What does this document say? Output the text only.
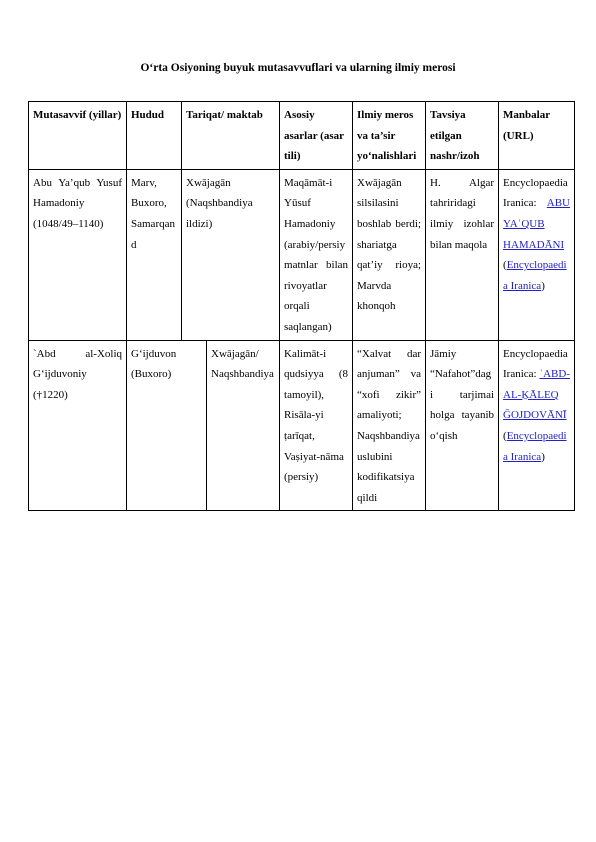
O‘rta Osiyoning buyuk mutasavvuflari va ularning ilmiy merosi
Mutasavvif (yillar)	Hudud	Tariqat/ maktab		Asosiy asarlar (asar tili)	Ilmiy meros va ta’sir yo‘nalishlari	Tavsiya etilgan nashr/izoh	Manbalar (URL)
Abu Ya’qub Yusuf Hamadoniy (1048/49–1140)	Marv, Buxoro, Samarqand	Xwājagān (Naqshbandiya ildizi)		Maqāmāt-i Yūsuf Hamadoniy (arabiy/persiy matnlar bilan rivoyatlar orqali saqlangan)	Xwājagān silsilasini boshlab berdi; shariatga qat’iy rioya; Marvda khonqoh	H. Algar tahriridagi ilmiy izohlar bilan maqola	Encyclopaedia Iranica: ABU YAʿQUB HAMADĀNI (Encyclopaedia Iranica)
`Abd al-Xoliq G‘ijduvoniy (†1220)	G‘ijduvon (Buxoro)		Xwājagān/ Naqshbandiya	Kalimāt-i qudsiyya (8 tamoyil), Risāla-yi ṭarīqat, Vaṣiyat-nāma (persiy)	“Xalvat dar anjuman” va “xofi zikir” amaliyoti; Naqshbandiya uslubini kodifikatsiya qildi	Jāmiy “Nafahot”dagi tarjimai holga tayanib o‘qish	Encyclopaedia Iranica: ʿABD-AL-ḴĀLEQ ḠOJDOVĀNĪ (Encyclopaedia Iranica)
